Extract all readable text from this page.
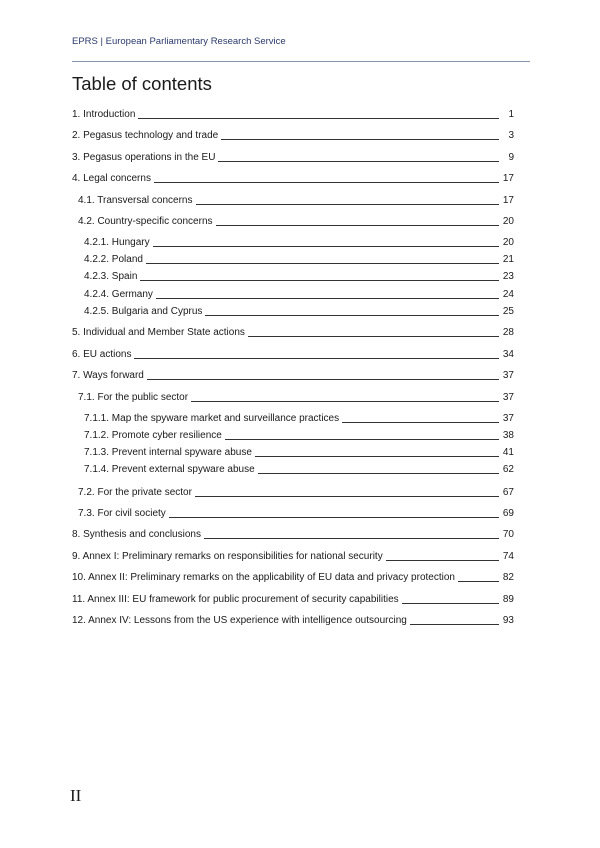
EPRS | European Parliamentary Research Service
Table of contents
1. Introduction	1
2. Pegasus technology and trade	3
3. Pegasus operations in the EU	9
4. Legal concerns	17
4.1. Transversal concerns	17
4.2. Country-specific concerns	20
4.2.1. Hungary	20
4.2.2. Poland	21
4.2.3. Spain	23
4.2.4. Germany	24
4.2.5. Bulgaria and Cyprus	25
5. Individual and Member State actions	28
6. EU actions	34
7. Ways forward	37
7.1. For the public sector	37
7.1.1. Map the spyware market and surveillance practices	37
7.1.2. Promote cyber resilience	38
7.1.3. Prevent internal spyware abuse	41
7.1.4. Prevent external spyware abuse	62
7.2. For the private sector	67
7.3. For civil society	69
8. Synthesis and conclusions	70
9. Annex I: Preliminary remarks on responsibilities for national security	74
10. Annex II: Preliminary remarks on the applicability of EU data and privacy protection	82
11. Annex III: EU framework for public procurement of security capabilities	89
12. Annex IV: Lessons from the US experience with intelligence outsourcing	93
II
